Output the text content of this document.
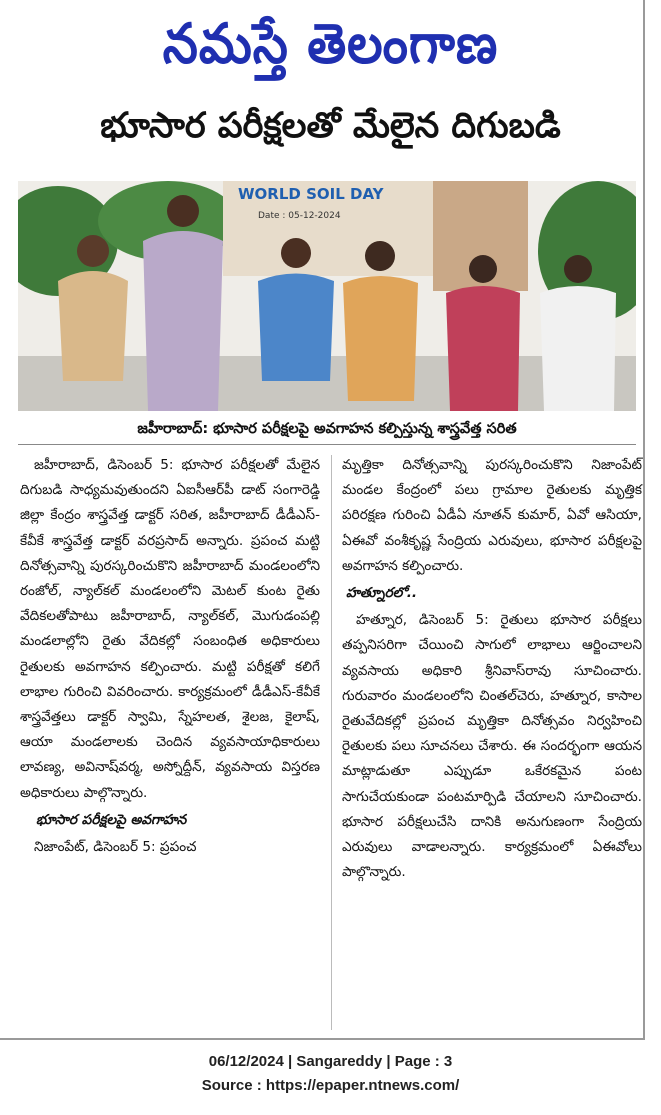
నమస్తే తెలంగాణ
భూసార పరీక్షలతో మేలైన దిగుబడి
WORLD SOIL DAY
Date : 05-12-2024
జహీరాబాద్‌: భూసార పరీక్షలపై అవగాహన కల్పిస్తున్న శాస్త్రవేత్త సరిత

జహీరాబాద్‌, డిసెంబర్‌ 5: భూసార పరీక్షలతో మేలైన దిగుబడి సాధ్యమవుతుందని ఏఐసీఆర్‌పీ డాట్‌ సంగారెడ్డి జిల్లా కేంద్రం శాస్త్రవేత్త డాక్టర్‌ సరిత, జహీరాబాద్‌ డీడీఎస్‌-కేవీకే శాస్త్రవేత్త డాక్టర్‌ వరప్రసాద్‌ అన్నారు. ప్రపంచ మట్టి దినోత్సవాన్ని పురస్కరించుకొని జహీరాబాద్‌ మండలంలోని రంజోల్‌, న్యాల్‌కల్‌ మండలంలోని మెటల్‌ కుంట రైతు వేదికలతోపాటు జహీరాబాద్‌, న్యాల్‌కల్‌, మొగుడంపల్లి మండలాల్లోని రైతు వేదికల్లో సంబంధిత అధికారులు రైతులకు అవగాహన కల్పించారు. మట్టి పరీక్షతో కలిగే లాభాల గురించి వివరించారు. కార్యక్రమంలో డీడీఎస్‌-కేవీకే శాస్త్రవేత్తలు డాక్టర్‌ స్వామి, స్నేహలత, శైలజ, కైలాష్‌, ఆయా మండలాలకు చెందిన వ్యవసాయాధికారులు లావణ్య, అవినాష్‌వర్మ, అస్నోద్దీన్‌, వ్యవసాయ విస్తరణ అధికారులు పాల్గొన్నారు.

భూసార పరీక్షలపై అవగాహన

నిజాంపేట్‌, డిసెంబర్‌ 5: ప్రపంచ

మృత్తికా దినోత్సవాన్ని పురస్కరించుకొని నిజాంపేట్‌ మండల కేంద్రంలో పలు గ్రామాల రైతులకు మృత్తిక పరిరక్షణ గురించి ఏడీఏ నూతన్‌ కుమార్‌, ఏవో ఆసియా, ఏఈవో వంశీకృష్ణ సేంద్రియ ఎరువులు, భూసార పరీక్షలపై అవగాహన కల్పించారు.

హత్నూరలో..

హత్నూర, డిసెంబర్‌ 5: రైతులు భూసార పరీక్షలు తప్పనిసరిగా చేయించి సాగులో లాభాలు ఆర్జించాలని వ్యవసాయ అధికారి శ్రీనివాస్‌రావు సూచించారు. గురువారం మండలంలోని చింతల్‌చెరు, హత్నూర, కాసాల రైతువేదికల్లో ప్రపంచ మృత్తికా దినోత్సవం నిర్వహించి రైతులకు పలు సూచనలు చేశారు. ఈ సందర్భంగా ఆయన మాట్లాడుతూ ఎప్పుడూ ఒకేరకమైన పంట సాగుచేయకుండా పంటమార్పిడి చేయాలని సూచించారు. భూసార పరీక్షలుచేసి దానికి అనుగుణంగా సేంద్రియ ఎరువులు వాడాలన్నారు. కార్యక్రమంలో ఏఈవోలు పాల్గొన్నారు.

06/12/2024 | Sangareddy | Page : 3
Source : https://epaper.ntnews.com/
